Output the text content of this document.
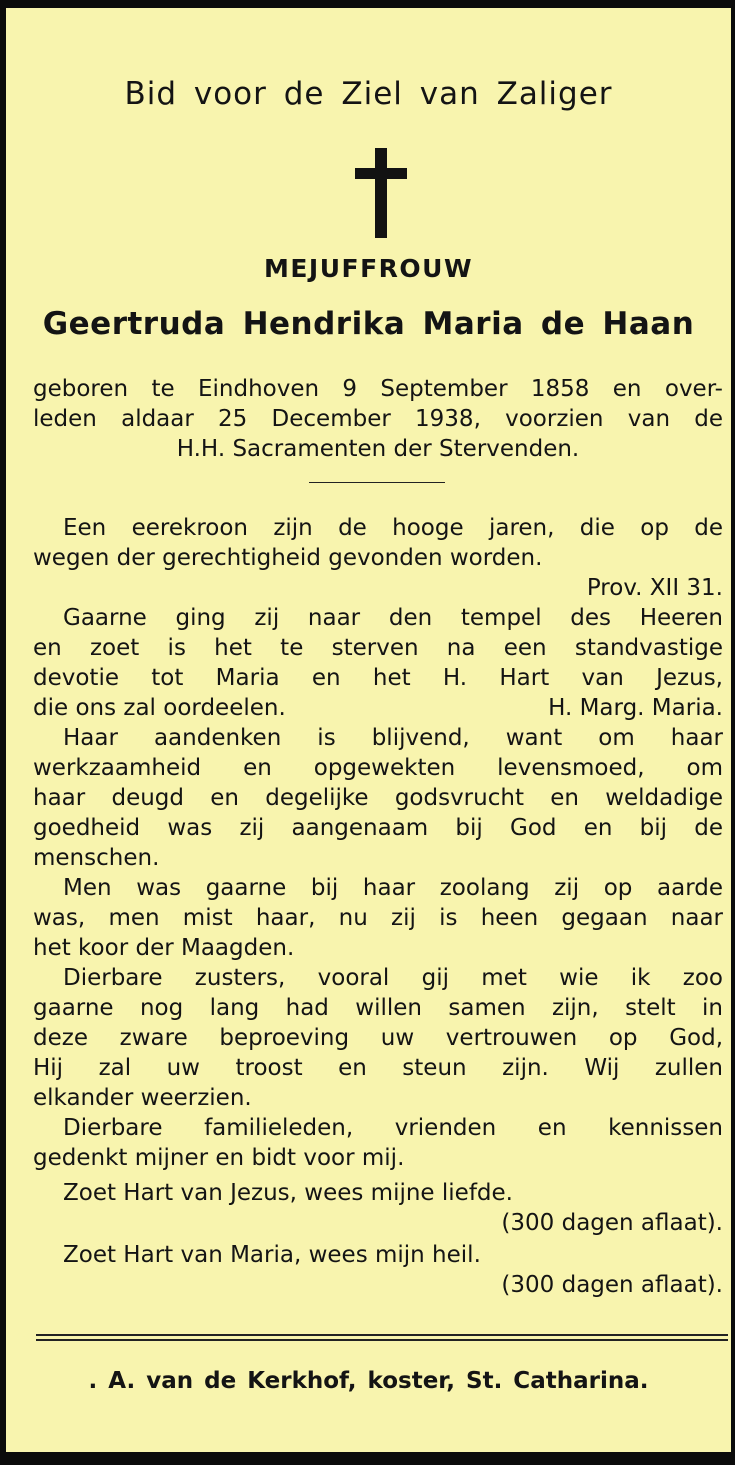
Bid voor de Ziel van Zaliger
MEJUFFROUW
Geertruda Hendrika Maria de Haan
geboren te Eindhoven 9 September 1858 en over-
leden aldaar 25 December 1938, voorzien van de
H.H. Sacramenten der Stervenden.
Een eerekroon zijn de hooge jaren, die op de
wegen der gerechtigheid gevonden worden.
Prov. XII 31.
Gaarne ging zij naar den tempel des Heeren
en zoet is het te sterven na een standvastige
devotie tot Maria en het H. Hart van Jezus,
die ons zal oordeelen.	H. Marg. Maria.
Haar aandenken is blijvend, want om haar
werkzaamheid en opgewekten levensmoed, om
haar deugd en degelijke godsvrucht en weldadige
goedheid was zij aangenaam bij God en bij de
menschen.
Men was gaarne bij haar zoolang zij op aarde
was, men mist haar, nu zij is heen gegaan naar
het koor der Maagden.
Dierbare zusters, vooral gij met wie ik zoo
gaarne nog lang had willen samen zijn, stelt in
deze zware beproeving uw vertrouwen op God,
Hij zal uw troost en steun zijn. Wij zullen
elkander weerzien.
Dierbare familieleden, vrienden en kennissen
gedenkt mijner en bidt voor mij.
Zoet Hart van Jezus, wees mijne liefde.
(300 dagen aflaat).
Zoet Hart van Maria, wees mijn heil.
(300 dagen aflaat).
. A. van de Kerkhof, koster, St. Catharina.
